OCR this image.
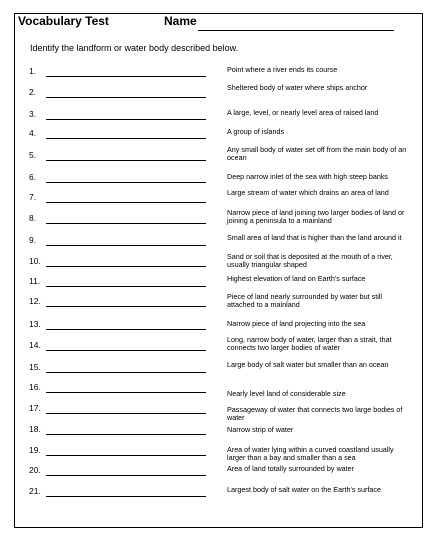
Vocabulary Test	Name
Identify the landform or water body described below.
1.	Point where a river ends its course
2.	Sheltered body of water where ships anchor
3.	A large, level, or nearly level area of raised land
4.	A group of islands
5.
Any small body of water set off from the main body of an ocean
6.	Deep narrow inlet of the sea with high steep banks
7.	Large stream of water which drains an area of land
8.
Narrow piece of land joining two larger bodies of land or joining a peninsula to a mainland
9.	Small area of land that is higher than the land around it
10.	Sand or soil that is deposited at the mouth of a river, usually triangular shaped
11.	Highest elevation of land on Earth's surface
12.	Piece of land nearly surrounded by water but still attached to a mainland
13.	Narrow piece of land projecting into the sea
14.
Long, narrow body of water, larger than a strait, that connects two larger bodies of water
15.	Large body of salt water but smaller than an ocean
16.
Nearly level land of considerable size
17.	Passageway of water that connects two large bodies of water
18.	Narrow strip of water
19.	Area of water lying within a curved coastland usually larger than a bay and smaller than a sea
20.	Area of land totally surrounded by water
21.	Largest body of salt water on the Earth's surface
